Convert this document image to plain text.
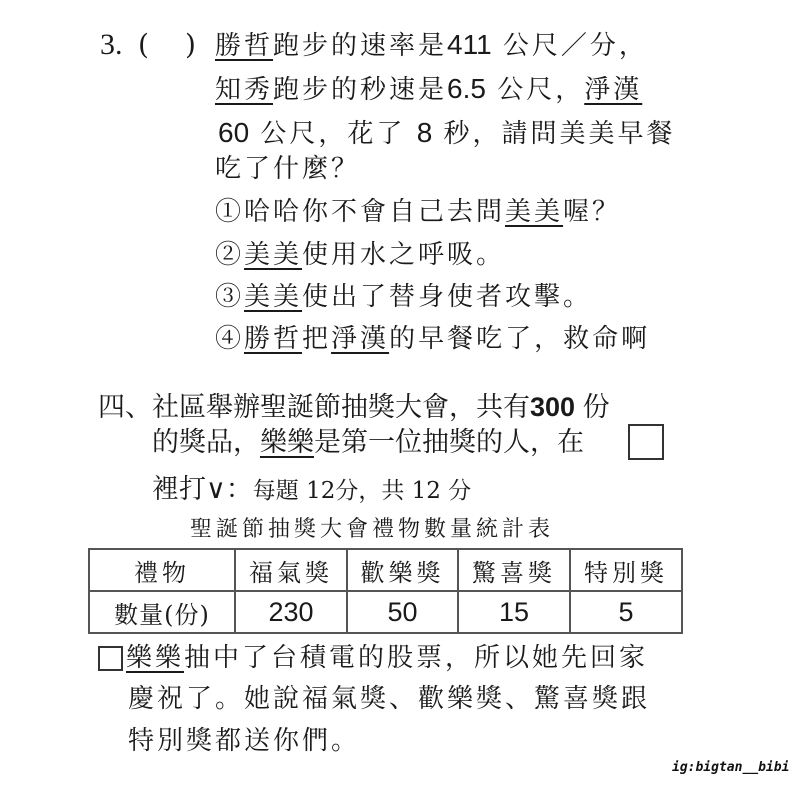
3. ( ) 勝哲跑步的速率是411 公尺／分，
知秀跑步的秒速是6.5 公尺，淨漢
60 公尺，花了 8 秒，請問美美早餐
吃了什麼？
①哈哈你不會自己去問美美喔？
②美美使用水之呼吸。
③美美使出了替身使者攻擊。
④勝哲把淨漢的早餐吃了，救命啊
四、社區舉辦聖誕節抽獎大會，共有300 份
的獎品，樂樂是第一位抽獎的人，在
裡打∨：每題 12分，共 12 分
聖誕節抽獎大會禮物數量統計表
禮物	福氣獎	歡樂獎	驚喜獎	特別獎
數量(份)	230	50	15	5
樂樂抽中了台積電的股票，所以她先回家
慶祝了。她說福氣獎、歡樂獎、驚喜獎跟
特別獎都送你們。
ig:bigtan__bibi
